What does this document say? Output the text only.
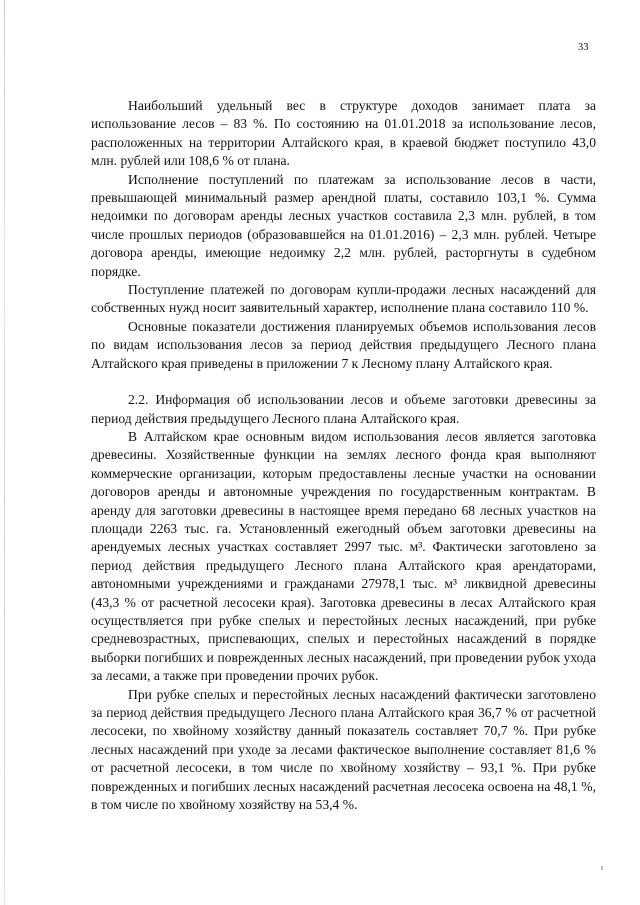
33

Наибольший удельный вес в структуре доходов занимает плата за использование лесов – 83 %. По состоянию на 01.01.2018 за использование лесов, расположенных на территории Алтайского края, в краевой бюджет поступило 43,0 млн. рублей или 108,6 % от плана.

Исполнение поступлений по платежам за использование лесов в части, превышающей минимальный размер арендной платы, составило 103,1 %. Сумма недоимки по договорам аренды лесных участков составила 2,3 млн. рублей, в том числе прошлых периодов (образовавшейся на 01.01.2016) – 2,3 млн. рублей. Четыре договора аренды, имеющие недоимку 2,2 млн. рублей, расторгнуты в судебном порядке.

Поступление платежей по договорам купли-продажи лесных насаждений для собственных нужд носит заявительный характер, исполнение плана составило 110 %.

Основные показатели достижения планируемых объемов использования лесов по видам использования лесов за период действия предыдущего Лесного плана Алтайского края приведены в приложении 7 к Лесному плану Алтайского края.

2.2. Информация об использовании лесов и объеме заготовки древесины за период действия предыдущего Лесного плана Алтайского края.

В Алтайском крае основным видом использования лесов является заготовка древесины. Хозяйственные функции на землях лесного фонда края выполняют коммерческие организации, которым предоставлены лесные участки на основании договоров аренды и автономные учреждения по государственным контрактам. В аренду для заготовки древесины в настоящее время передано 68 лесных участков на площади 2263 тыс. га. Установленный ежегодный объем заготовки древесины на арендуемых лесных участках составляет 2997 тыс. м³. Фактически заготовлено за период действия предыдущего Лесного плана Алтайского края арендаторами, автономными учреждениями и гражданами 27978,1 тыс. м³ ликвидной древесины (43,3 % от расчетной лесосеки края). Заготовка древесины в лесах Алтайского края осуществляется при рубке спелых и перестойных лесных насаждений, при рубке средневозрастных, приспевающих, спелых и перестойных насаждений в порядке выборки погибших и поврежденных лесных насаждений, при проведении рубок ухода за лесами, а также при проведении прочих рубок.

При рубке спелых и перестойных лесных насаждений фактически заготовлено за период действия предыдущего Лесного плана Алтайского края 36,7 % от расчетной лесосеки, по хвойному хозяйству данный показатель составляет 70,7 %. При рубке лесных насаждений при уходе за лесами фактическое выполнение составляет 81,6 % от расчетной лесосеки, в том числе по хвойному хозяйству – 93,1 %. При рубке поврежденных и погибших лесных насаждений расчетная лесосека освоена на 48,1 %, в том числе по хвойному хозяйству на 53,4 %.
